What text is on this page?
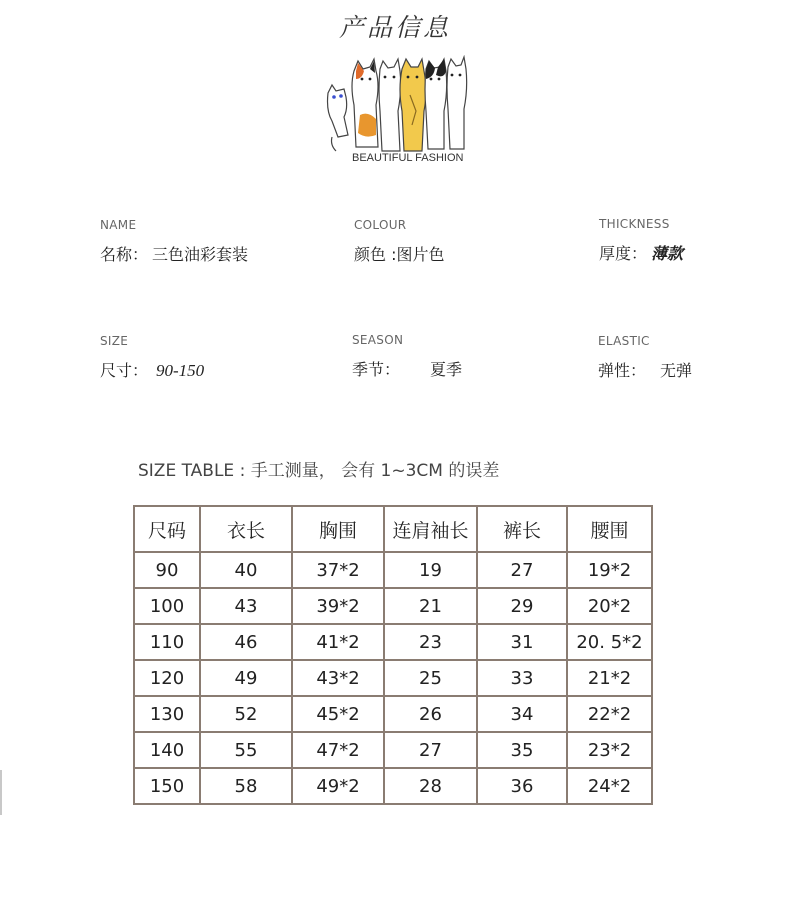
产品信息
BEAUTIFUL FASHION
NAME
名称： 三色油彩套装
COLOUR
颜色 :图片色
THICKNESS
厚度： 薄款
SIZE
尺寸： 90-150
SEASON
季节： 夏季
ELASTIC
弹性： 无弹
SIZE TABLE : 手工测量， 会有 1~3CM 的误差
尺码	衣长	胸围	连肩袖长	裤长	腰围
90	40	37*2	19	27	19*2
100	43	39*2	21	29	20*2
110	46	41*2	23	31	20. 5*2
120	49	43*2	25	33	21*2
130	52	45*2	26	34	22*2
140	55	47*2	27	35	23*2
150	58	49*2	28	36	24*2
